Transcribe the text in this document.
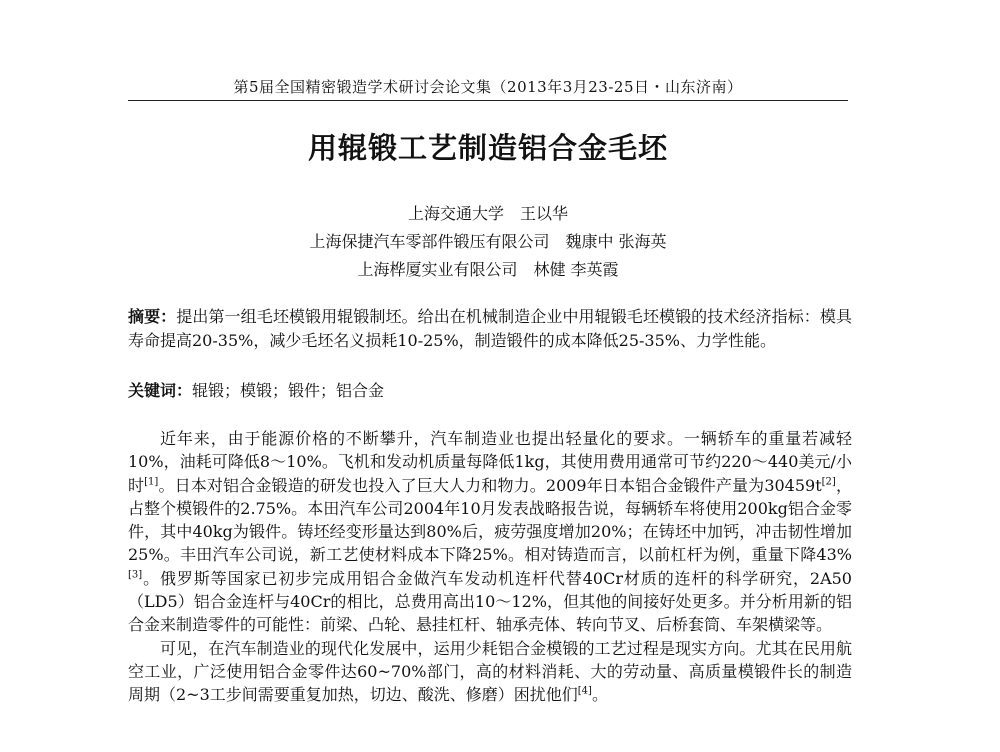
第5届全国精密锻造学术研讨会论文集（2013年3月23-25日・山东济南）
用辊锻工艺制造铝合金毛坯
上海交通大学 王以华
上海保捷汽车零部件锻压有限公司 魏康中 张海英
上海桦厦实业有限公司 林健 李英霞
摘要：提出第一组毛坯模锻用辊锻制坯。给出在机械制造企业中用辊锻毛坯模锻的技术经济指标：模具寿命提高20-35%，减少毛坯名义损耗10-25%，制造锻件的成本降低25-35%、力学性能。
关键词：辊锻；模锻；锻件；铝合金

近年来，由于能源价格的不断攀升，汽车制造业也提出轻量化的要求。一辆轿车的重量若减轻10%，油耗可降低8～10%。飞机和发动机质量每降低1kg，其使用费用通常可节约220～440美元/小时[1]。日本对铝合金锻造的研发也投入了巨大人力和物力。2009年日本铝合金锻件产量为30459t[2]，占整个模锻件的2.75%。本田汽车公司2004年10月发表战略报告说，每辆轿车将使用200kg铝合金零件，其中40kg为锻件。铸坯经变形量达到80%后，疲劳强度增加20%；在铸坯中加钙，冲击韧性增加25%。丰田汽车公司说，新工艺使材料成本下降25%。相对铸造而言，以前杠杆为例，重量下降43%[3]。俄罗斯等国家已初步完成用铝合金做汽车发动机连杆代替40Cr材质的连杆的科学研究，2A50（LD5）铝合金连杆与40Cr的相比，总费用高出10～12%，但其他的间接好处更多。并分析用新的铝合金来制造零件的可能性：前梁、凸轮、悬挂杠杆、轴承壳体、转向节叉、后桥套筒、车架横梁等。

可见，在汽车制造业的现代化发展中，运用少耗铝合金模锻的工艺过程是现实方向。尤其在民用航空工业，广泛使用铝合金零件达60~70%部门，高的材料消耗、大的劳动量、高质量模锻件长的制造周期（2~3工步间需要重复加热，切边、酸洗、修磨）困扰他们[4]。
